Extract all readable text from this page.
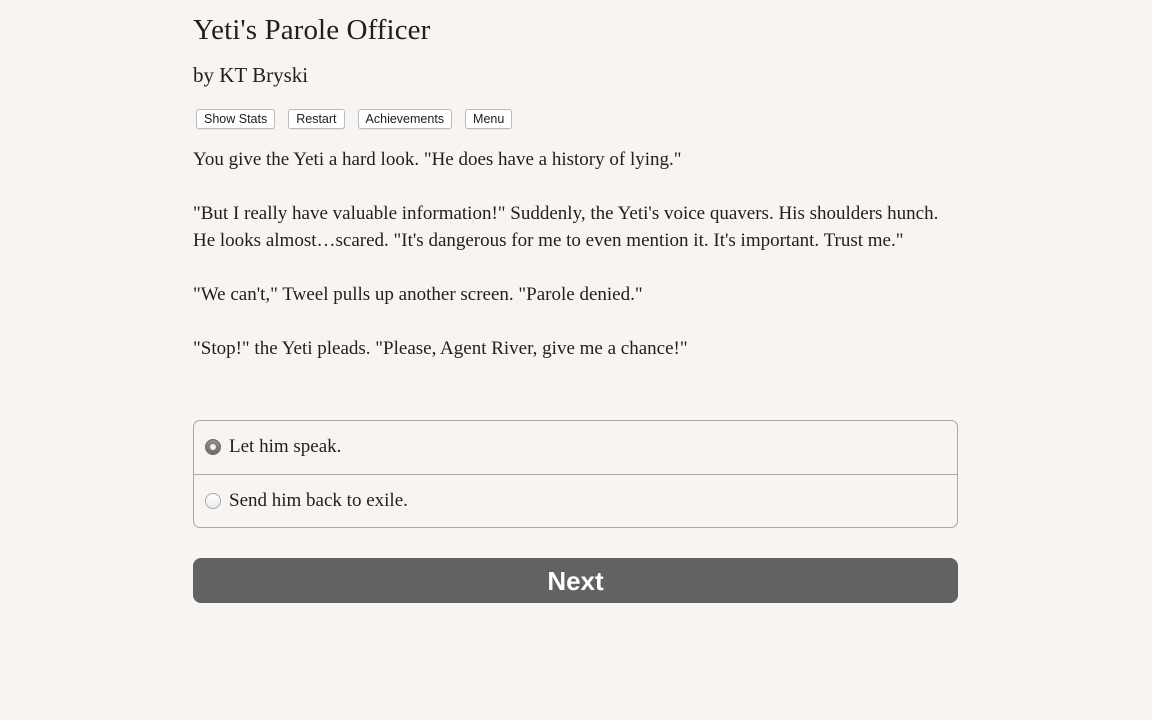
Yeti's Parole Officer
by KT Bryski
Show Stats	Restart	Achievements	Menu

You give the Yeti a hard look. "He does have a history of lying."

"But I really have valuable information!" Suddenly, the Yeti's voice quavers. His shoulders hunch. He looks almost…scared. "It's dangerous for me to even mention it. It's important. Trust me."

"We can't," Tweel pulls up another screen. "Parole denied."

"Stop!" the Yeti pleads. "Please, Agent River, give me a chance!"

Let him speak.
Send him back to exile.
Next
